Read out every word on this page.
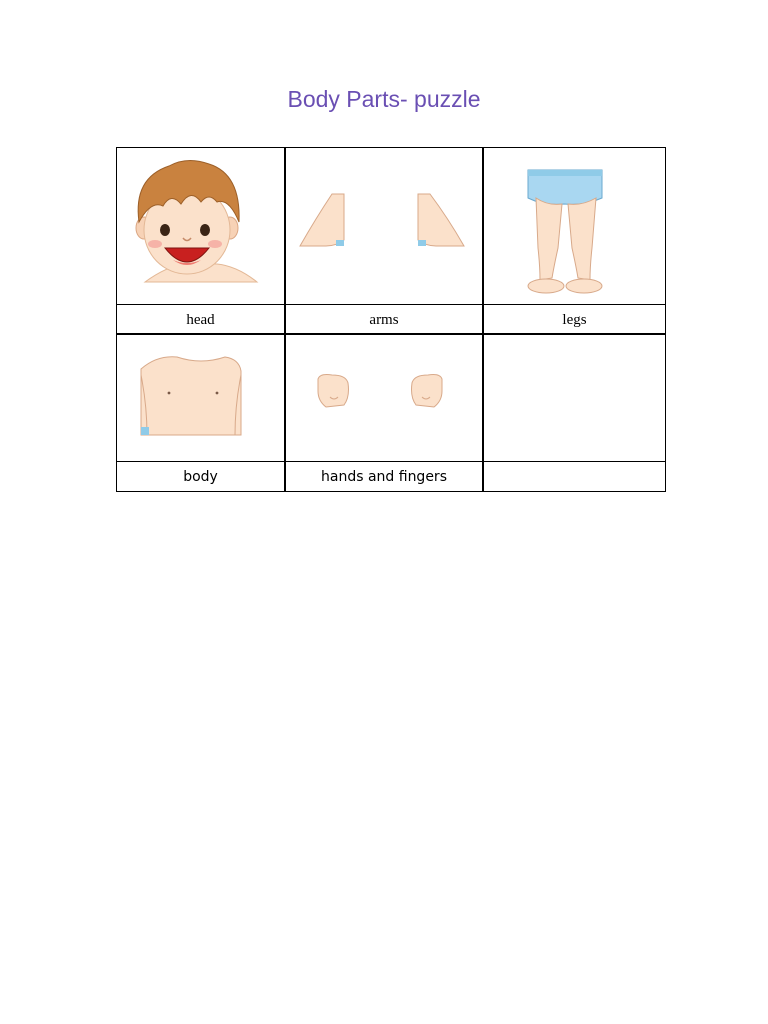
Body Parts- puzzle
head	arms	legs
body	hands and fingers
